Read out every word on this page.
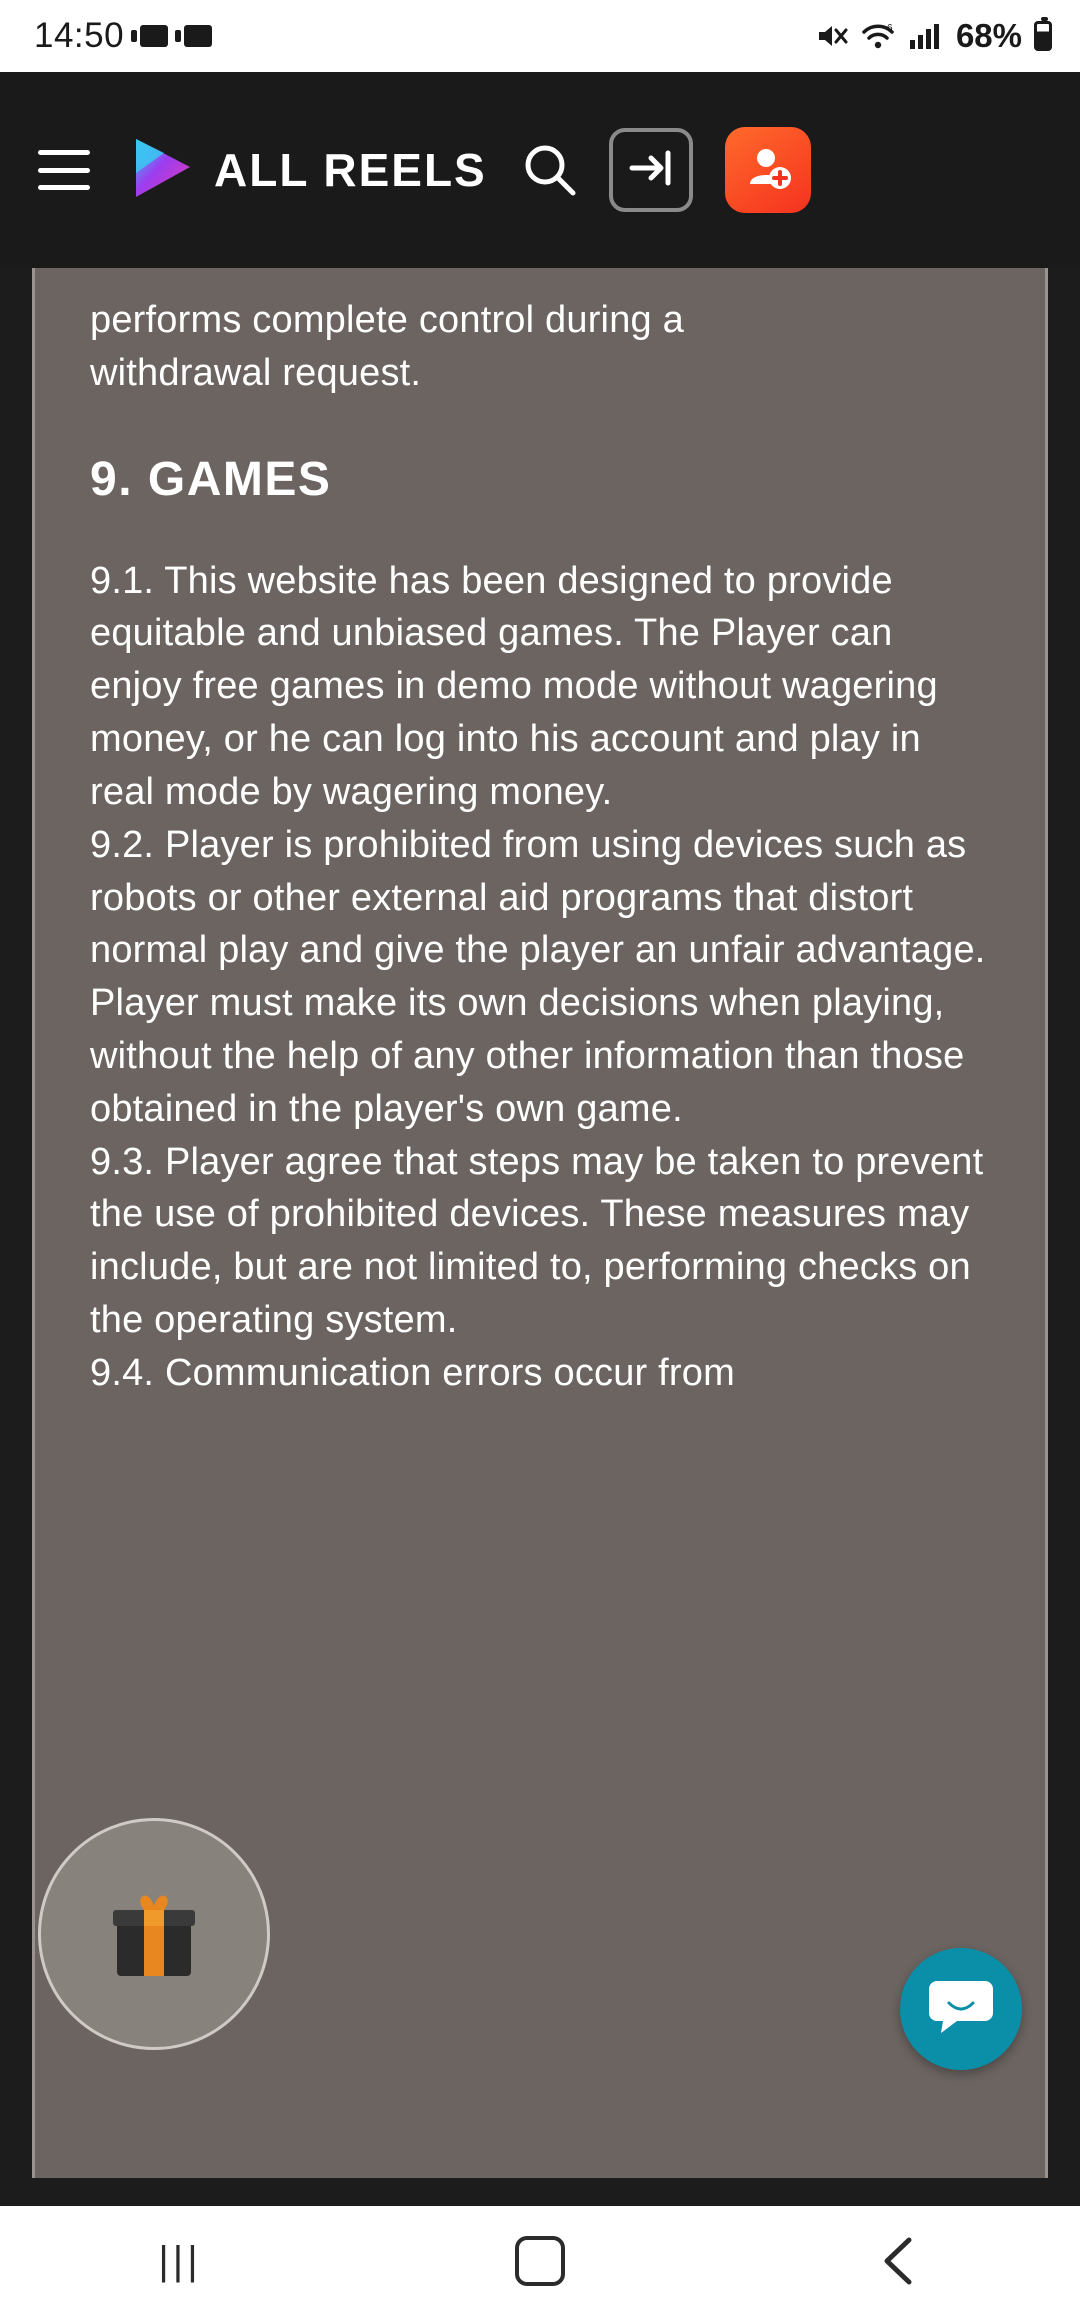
14:50	6 68%
ALL REELS

performs complete control during a

withdrawal request.

9. GAMES

9.1. This website has been designed to provide equitable and unbiased games. The Player can enjoy free games in demo mode without wagering money, or he can log into his account and play in real mode by wagering money.

9.2. Player is prohibited from using devices such as robots or other external aid programs that distort normal play and give the player an unfair advantage. Player must make its own decisions when playing, without the help of any other information than those obtained in the player's own game.

9.3. Player agree that steps may be taken to prevent the use of prohibited devices. These measures may include, but are not limited to, performing checks on the operating system.

9.4. Communication errors occur from

|||
